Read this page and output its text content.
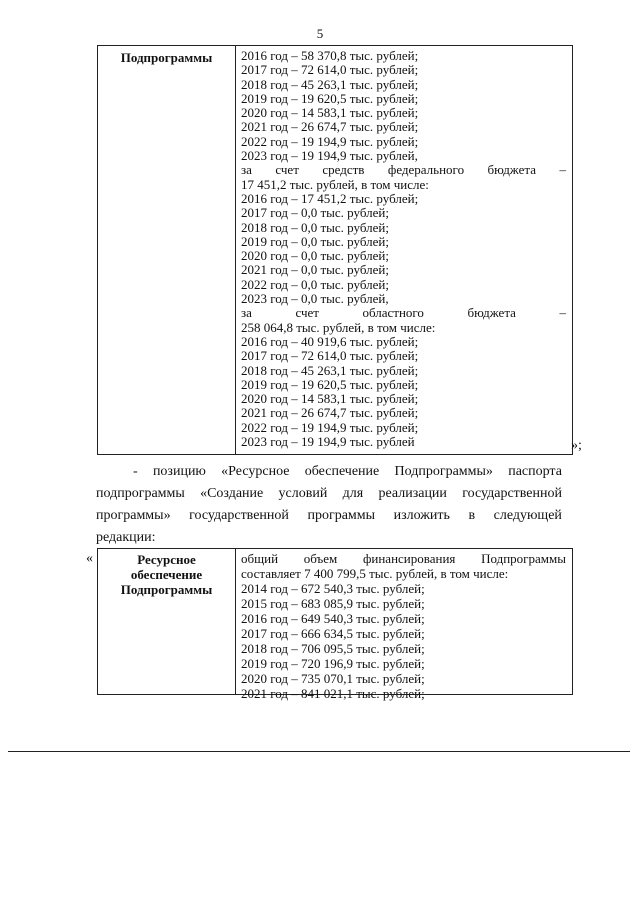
5
Подпрограммы	2016 год – 58 370,8 тыс. рублей;
2017 год – 72 614,0 тыс. рублей;
2018 год – 45 263,1 тыс. рублей;
2019 год – 19 620,5 тыс. рублей;
2020 год – 14 583,1 тыс. рублей;
2021 год – 26 674,7 тыс. рублей;
2022 год – 19 194,9 тыс. рублей;
2023 год – 19 194,9 тыс. рублей,
за счет средств федерального бюджета –
17 451,2 тыс. рублей, в том числе:
2016 год – 17 451,2 тыс. рублей;
2017 год – 0,0 тыс. рублей;
2018 год – 0,0 тыс. рублей;
2019 год – 0,0 тыс. рублей;
2020 год – 0,0 тыс. рублей;
2021 год – 0,0 тыс. рублей;
2022 год – 0,0 тыс. рублей;
2023 год – 0,0 тыс. рублей,
за	счет	областного	бюджета	–
258 064,8 тыс. рублей, в том числе:
2016 год – 40 919,6 тыс. рублей;
2017 год – 72 614,0 тыс. рублей;
2018 год – 45 263,1 тыс. рублей;
2019 год – 19 620,5 тыс. рублей;
2020 год – 14 583,1 тыс. рублей;
2021 год – 26 674,7 тыс. рублей;
2022 год – 19 194,9 тыс. рублей;
2023 год – 19 194,9 тыс. рублей	»;
- позицию «Ресурсное обеспечение Подпрограммы» паспорта
подпрограммы «Создание условий для реализации государственной
программы» государственной программы изложить в следующей
редакции:
«	Ресурсное
обеспечение
Подпрограммы
общий объем финансирования Подпрограммы
составляет 7 400 799,5 тыс. рублей, в том числе:
2014 год – 672 540,3 тыс. рублей;
2015 год – 683 085,9 тыс. рублей;
2016 год – 649 540,3 тыс. рублей;
2017 год – 666 634,5 тыс. рублей;
2018 год – 706 095,5 тыс. рублей;
2019 год – 720 196,9 тыс. рублей;
2020 год – 735 070,1 тыс. рублей;
2021 год – 841 021,1 тыс. рублей;
